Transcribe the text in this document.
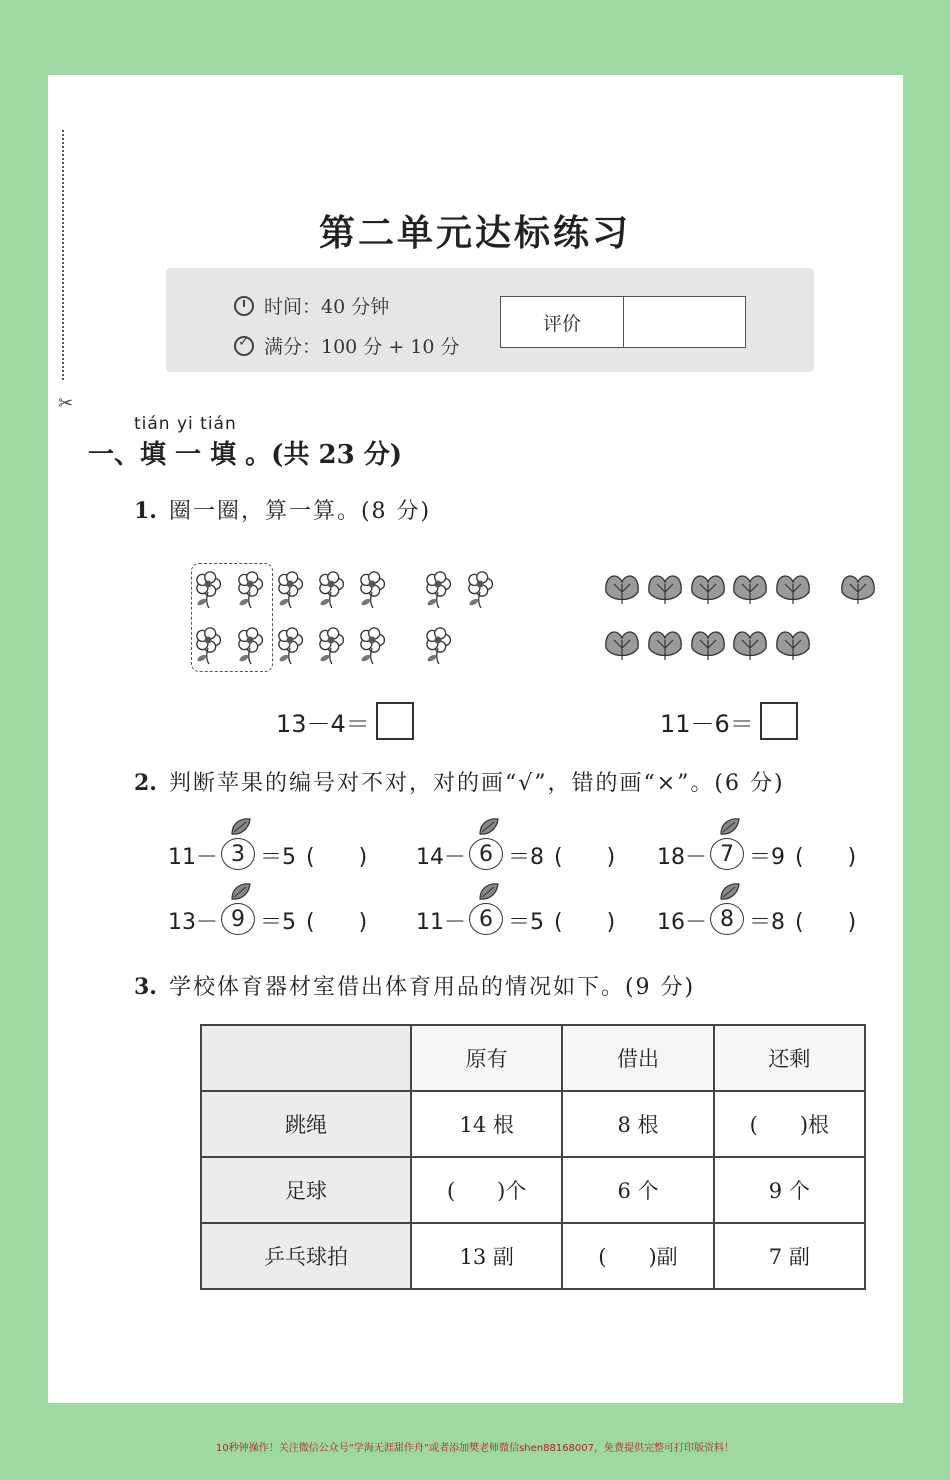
✂
第二单元达标练习
时间：40 分钟
✓
满分：100 分 + 10 分
评价
tián yi tián
一、填 一 填 。(共 23 分)
1. 圈一圈，算一算。(8 分)
13－4＝	11－6＝
2. 判断苹果的编号对不对，对的画“√”，错的画“×”。(6 分)
11－ 3 ＝5 (　　) 14－ 6 ＝8 (　　) 18－ 7 ＝9 (　　)
13－ 9 ＝5 (　　) 11－ 6 ＝5 (　　) 16－ 8 ＝8 (　　)
3. 学校体育器材室借出体育用品的情况如下。(9 分)
	原有	借出	还剩
跳绳	14 根	8 根	(　　)根
足球	(　　)个	6 个	9 个
乒乓球拍	13 副	(　　)副	7 副
10秒钟操作！关注微信公众号“学海无涯甜作舟”或者添加樊老师微信shen88168007，免费提供完整可打印版资料！
